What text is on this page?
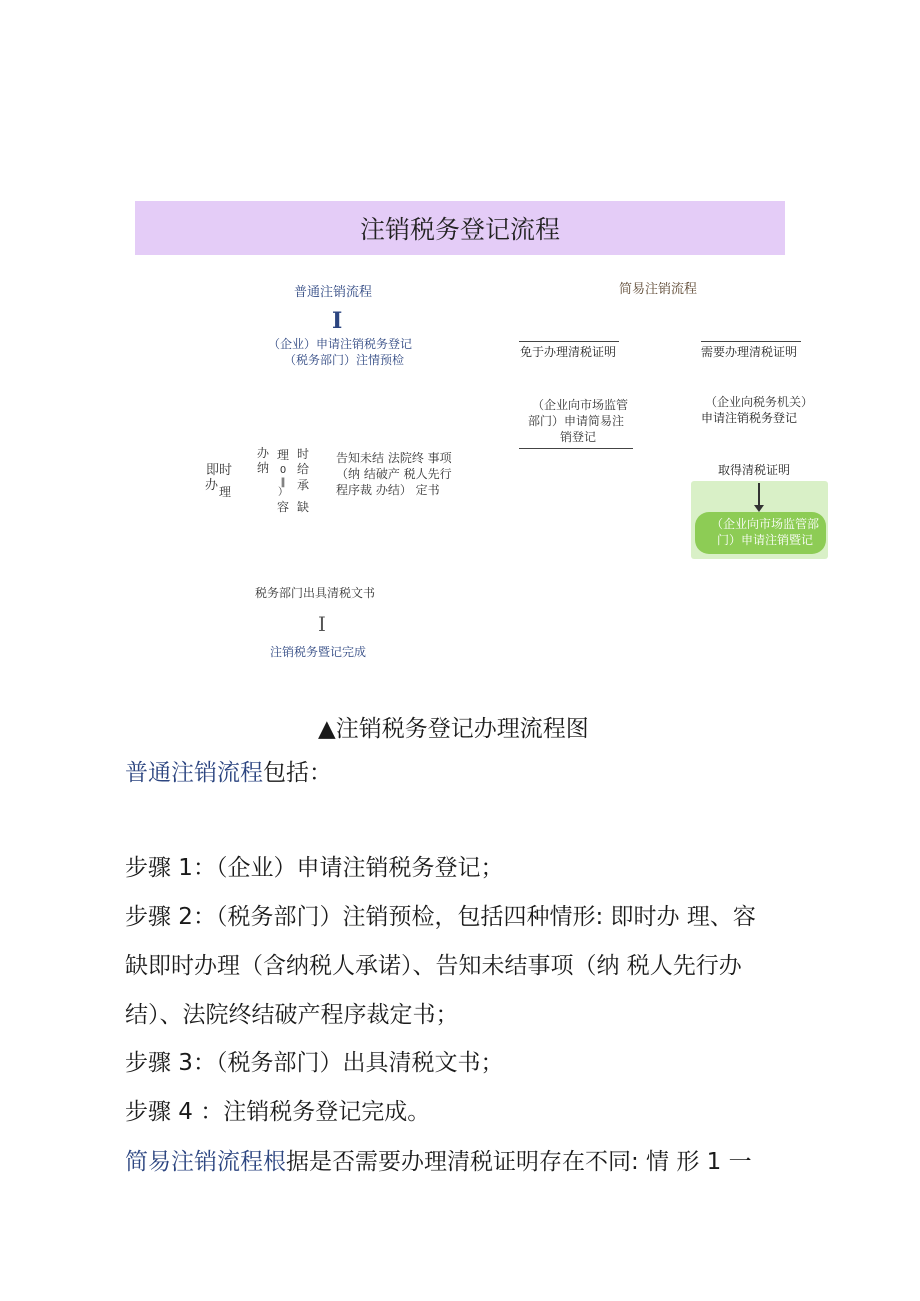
注销税务登记流程
普通注销流程
I
（企业）申请注销税务登记
（税务部门）注情预检
即时
办 理
办
纳
理
0
‖
）
容
时
给
承
缺
告知未结 法院终 事项
（纳 结破产 税人先行
程序裁 办结） 定书
税务部门出具清税文书
I
注销税务暨记完成
简易注销流程
免于办理清税证明	需要办理清税证明
（企业向市场监管
部门）申请简易注
销登记
（企业向税务机关）
申请注销税务登记
取得清税证明
（企业向市场监管部
门）申请注销暨记
▲注销税务登记办理流程图
普通注销流程包括：
步骤 1：（企业）申请注销税务登记；
步骤 2：（税务部门）注销预检，包括四种情形: 即时办 理、容
缺即时办理（含纳税人承诺）、告知未结事项（纳 税人先行办
结）、法院终结破产程序裁定书；
步骤 3：（税务部门）出具清税文书；
步骤 4 ：注销税务登记完成。
简易注销流程根据是否需要办理清税证明存在不同: 情 形 1 一
